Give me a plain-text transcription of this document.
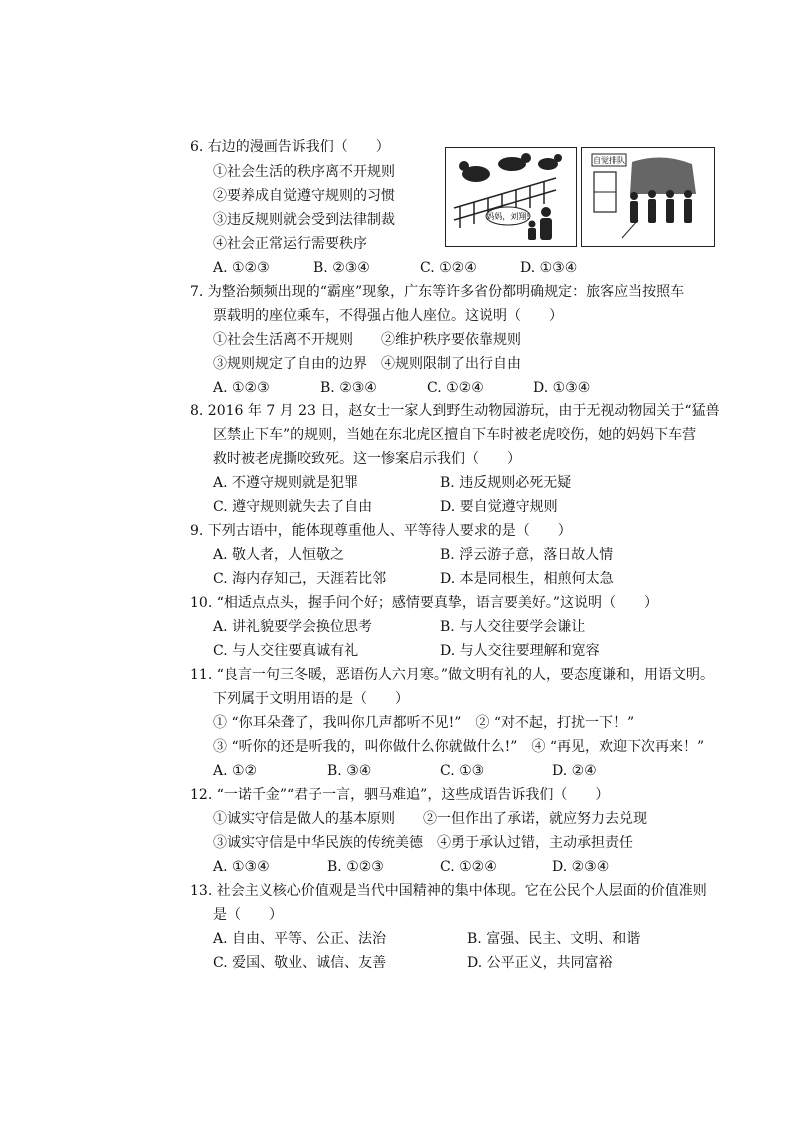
6. 右边的漫画告诉我们（　　）
①社会生活的秩序离不开规则
②要养成自觉遵守规则的习惯
③违反规则就会受到法律制裁
④社会正常运行需要秩序
A. ①②③	B. ②③④	C. ①②④	D. ①③④
妈妈，刘翔!
自觉排队
7. 为整治频频出现的“霸座”现象，广东等许多省份都明确规定：旅客应当按照车
票载明的座位乘车，不得强占他人座位。这说明（　　）
①社会生活离不开规则　　②维护秩序要依靠规则
③规则规定了自由的边界　④规则限制了出行自由
A. ①②③	B. ②③④	C. ①②④	D. ①③④
8. 2016 年 7 月 23 日，赵女士一家人到野生动物园游玩，由于无视动物园关于“猛兽
区禁止下车”的规则，当她在东北虎区擅自下车时被老虎咬伤，她的妈妈下车营
救时被老虎撕咬致死。这一惨案启示我们（　　）
A. 不遵守规则就是犯罪	B. 违反规则必死无疑
C. 遵守规则就失去了自由	D. 要自觉遵守规则
9. 下列古语中，能体现尊重他人、平等待人要求的是（　　）
A. 敬人者，人恒敬之	B. 浮云游子意，落日故人情
C. 海内存知己，天涯若比邻	D. 本是同根生，相煎何太急
10. “相适点点头，握手问个好；感情要真挚，语言要美好。”这说明（　　）
A. 讲礼貌要学会换位思考	B. 与人交往要学会谦让
C. 与人交往要真诚有礼	D. 与人交往要理解和宽容
11. “良言一句三冬暖，恶语伤人六月寒。”做文明有礼的人，要态度谦和，用语文明。
下列属于文明用语的是（　　）
① “你耳朵聋了，我叫你几声都听不见!”　② “对不起，打扰一下！”
③ “听你的还是听我的，叫你做什么你就做什么!”　④ “再见，欢迎下次再来！”
A. ①②	B. ③④	C. ①③	D. ②④
12. “一诺千金”“君子一言，驷马难追”，这些成语告诉我们（　　）
①诚实守信是做人的基本原则　　②一但作出了承诺，就应努力去兑现
③诚实守信是中华民族的传统美德　④勇于承认过错，主动承担责任
A. ①③④	B. ①②③	C. ①②④	D. ②③④
13. 社会主义核心价值观是当代中国精神的集中体现。它在公民个人层面的价值准则
是（　　）
A. 自由、平等、公正、法治	B. 富强、民主、文明、和谐
C. 爱国、敬业、诚信、友善	D. 公平正义，共同富裕
